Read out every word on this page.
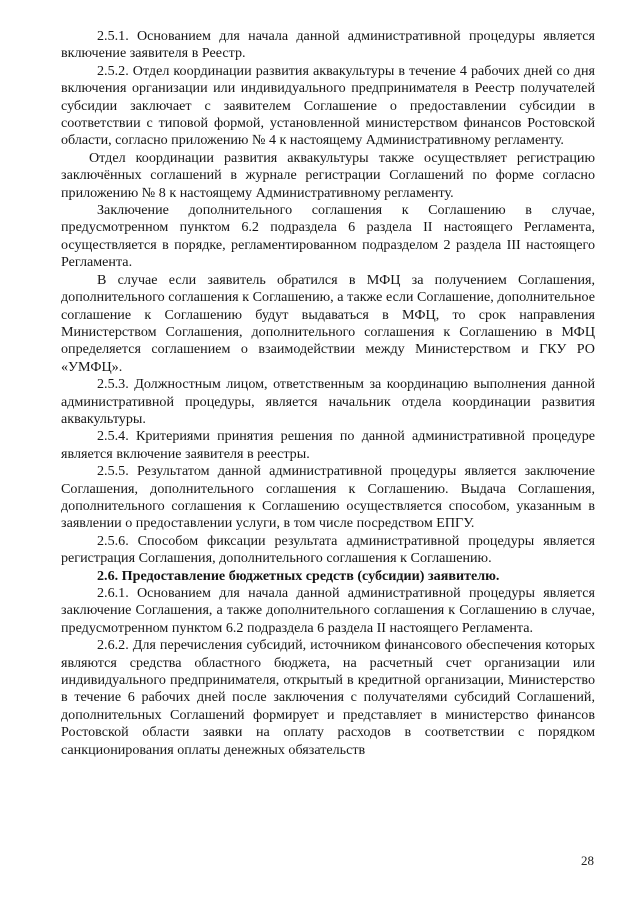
2.5.1. Основанием для начала данной административной процедуры является включение заявителя в Реестр.

2.5.2. Отдел координации развития аквакультуры в течение 4 рабочих дней со дня включения организации или индивидуального предпринимателя в Реестр получателей субсидии заключает с заявителем Соглашение о предоставлении субсидии в соответствии с типовой формой, установленной министерством финансов Ростовской области, согласно приложению № 4 к настоящему Административному регламенту.

Отдел координации развития аквакультуры также осуществляет регистрацию заключённых соглашений в журнале регистрации Соглашений по форме согласно приложению № 8 к настоящему Административному регламенту.

Заключение дополнительного соглашения к Соглашению в случае, предусмотренном пунктом 6.2 подраздела 6 раздела II настоящего Регламента, осуществляется в порядке, регламентированном подразделом 2 раздела III настоящего Регламента.

В случае если заявитель обратился в МФЦ за получением Соглашения, дополнительного соглашения к Соглашению, а также если Соглашение, дополнительное соглашение к Соглашению будут выдаваться в МФЦ, то срок направления Министерством Соглашения, дополнительного соглашения к Соглашению в МФЦ определяется соглашением о взаимодействии между Министерством и ГКУ РО «УМФЦ».

2.5.3. Должностным лицом, ответственным за координацию выполнения данной административной процедуры, является начальник отдела координации развития аквакультуры.

2.5.4. Критериями принятия решения по данной административной процедурe является включение заявителя в реестры.

2.5.5. Результатом данной административной процедуры является заключение Соглашения, дополнительного соглашения к Соглашению. Выдача Соглашения, дополнительного соглашения к Соглашению осуществляется способом, указанным в заявлении о предоставлении услуги, в том числе посредством ЕПГУ.

2.5.6. Способом фиксации результата административной процедуры является регистрация Соглашения, дополнительного соглашения к Соглашению.

2.6. Предоставление бюджетных средств (субсидии) заявителю.

2.6.1. Основанием для начала данной административной процедуры является заключение Соглашения, а также дополнительного соглашения к Соглашению в случае, предусмотренном пунктом 6.2 подраздела 6 раздела II настоящего Регламента.

2.6.2. Для перечисления субсидий, источником финансового обеспечения которых являются средства областного бюджета, на расчетный счет организации или индивидуального предпринимателя, открытый в кредитной организации, Министерство в течение 6 рабочих дней после заключения с получателями субсидий Соглашений, дополнительных Соглашений формирует и представляет в министерство финансов Ростовской области заявки на оплату расходов в соответствии с порядком санкционирования оплаты денежных обязательств

28
